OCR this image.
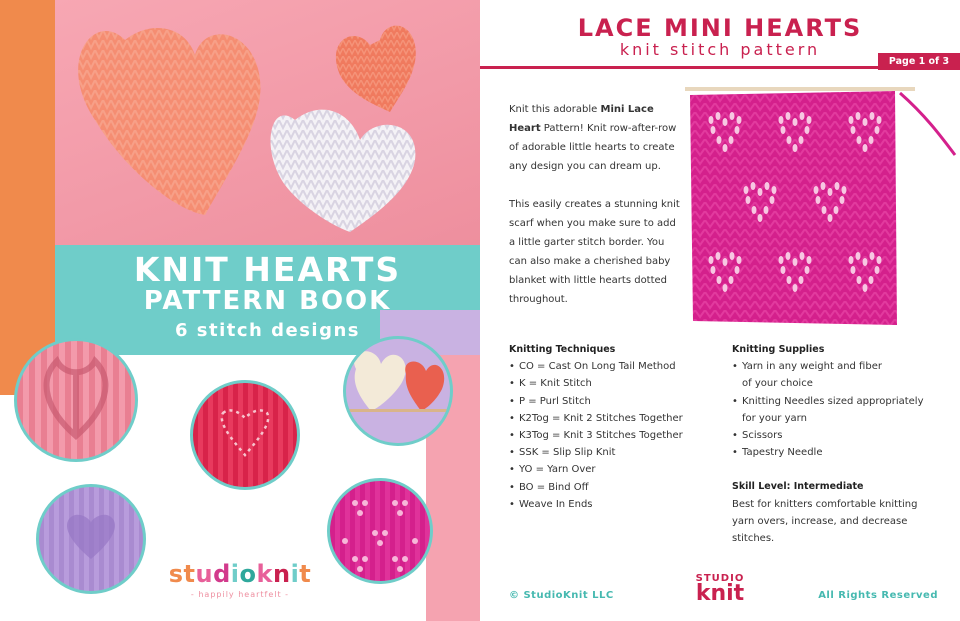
KNIT HEARTS
PATTERN BOOK
6 stitch designs
studioknit
- happily heartfelt -
LACE MINI HEARTS
knit stitch pattern
Page 1 of 3

Knit this adorable Mini Lace Heart Pattern! Knit row-after-row of adorable little hearts to create any design you can dream up.

This easily creates a stunning knit scarf when you make sure to add a little garter stitch border. You can also make a cherished baby blanket with little hearts dotted throughout.

Knitting Techniques
• CO = Cast On Long Tail Method
• K = Knit Stitch
• P = Purl Stitch
• K2Tog = Knit 2 Stitches Together
• K3Tog = Knit 3 Stitches Together
• SSK = Slip Slip Knit
• YO = Yarn Over
• BO = Bind Off
• Weave In Ends
Knitting Supplies
• Yarn in any weight and fiber
of your choice
• Knitting Needles sized appropriately
for your yarn
• Scissors
• Tapestry Needle
Skill Level: Intermediate
Best for knitters comfortable knitting yarn overs, increase, and decrease stitches.
© StudioKnit LLC
STUDIO
knit	All Rights Reserved
